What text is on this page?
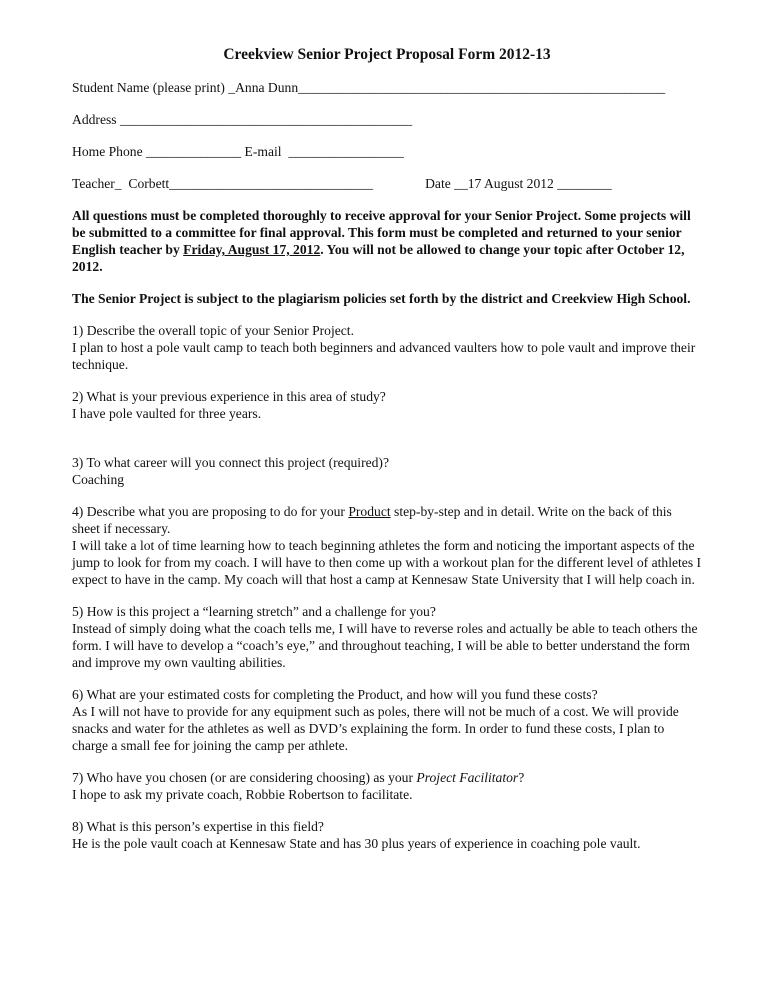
Creekview Senior Project Proposal Form 2012-13
Student Name (please print) _Anna Dunn______________________________________________________
Address ___________________________________________
Home Phone ______________ E-mail  _________________
Teacher_  Corbett______________________________	Date __17 August 2012 ________
All questions must be completed thoroughly to receive approval for your Senior Project. Some projects will be submitted to a committee for final approval. This form must be completed and returned to your senior English teacher by Friday, August 17, 2012. You will not be allowed to change your topic after October 12, 2012.
The Senior Project is subject to the plagiarism policies set forth by the district and Creekview High School.
1) Describe the overall topic of your Senior Project.
I plan to host a pole vault camp to teach both beginners and advanced vaulters how to pole vault and improve their technique.
2) What is your previous experience in this area of study?
I have pole vaulted for three years.
3) To what career will you connect this project (required)?
Coaching
4) Describe what you are proposing to do for your Product step-by-step and in detail. Write on the back of this sheet if necessary.
I will take a lot of time learning how to teach beginning athletes the form and noticing the important aspects of the jump to look for from my coach. I will have to then come up with a workout plan for the different level of athletes I expect to have in the camp. My coach will that host a camp at Kennesaw State University that I will help coach in.
5) How is this project a “learning stretch” and a challenge for you?
Instead of simply doing what the coach tells me, I will have to reverse roles and actually be able to teach others the form. I will have to develop a “coach’s eye,” and throughout teaching, I will be able to better understand the form and improve my own vaulting abilities.
6) What are your estimated costs for completing the Product, and how will you fund these costs?
As I will not have to provide for any equipment such as poles, there will not be much of a cost. We will provide snacks and water for the athletes as well as DVD’s explaining the form. In order to fund these costs, I plan to charge a small fee for joining the camp per athlete.
7) Who have you chosen (or are considering choosing) as your Project Facilitator?
I hope to ask my private coach, Robbie Robertson to facilitate.
8) What is this person’s expertise in this field?
He is the pole vault coach at Kennesaw State and has 30 plus years of experience in coaching pole vault.
